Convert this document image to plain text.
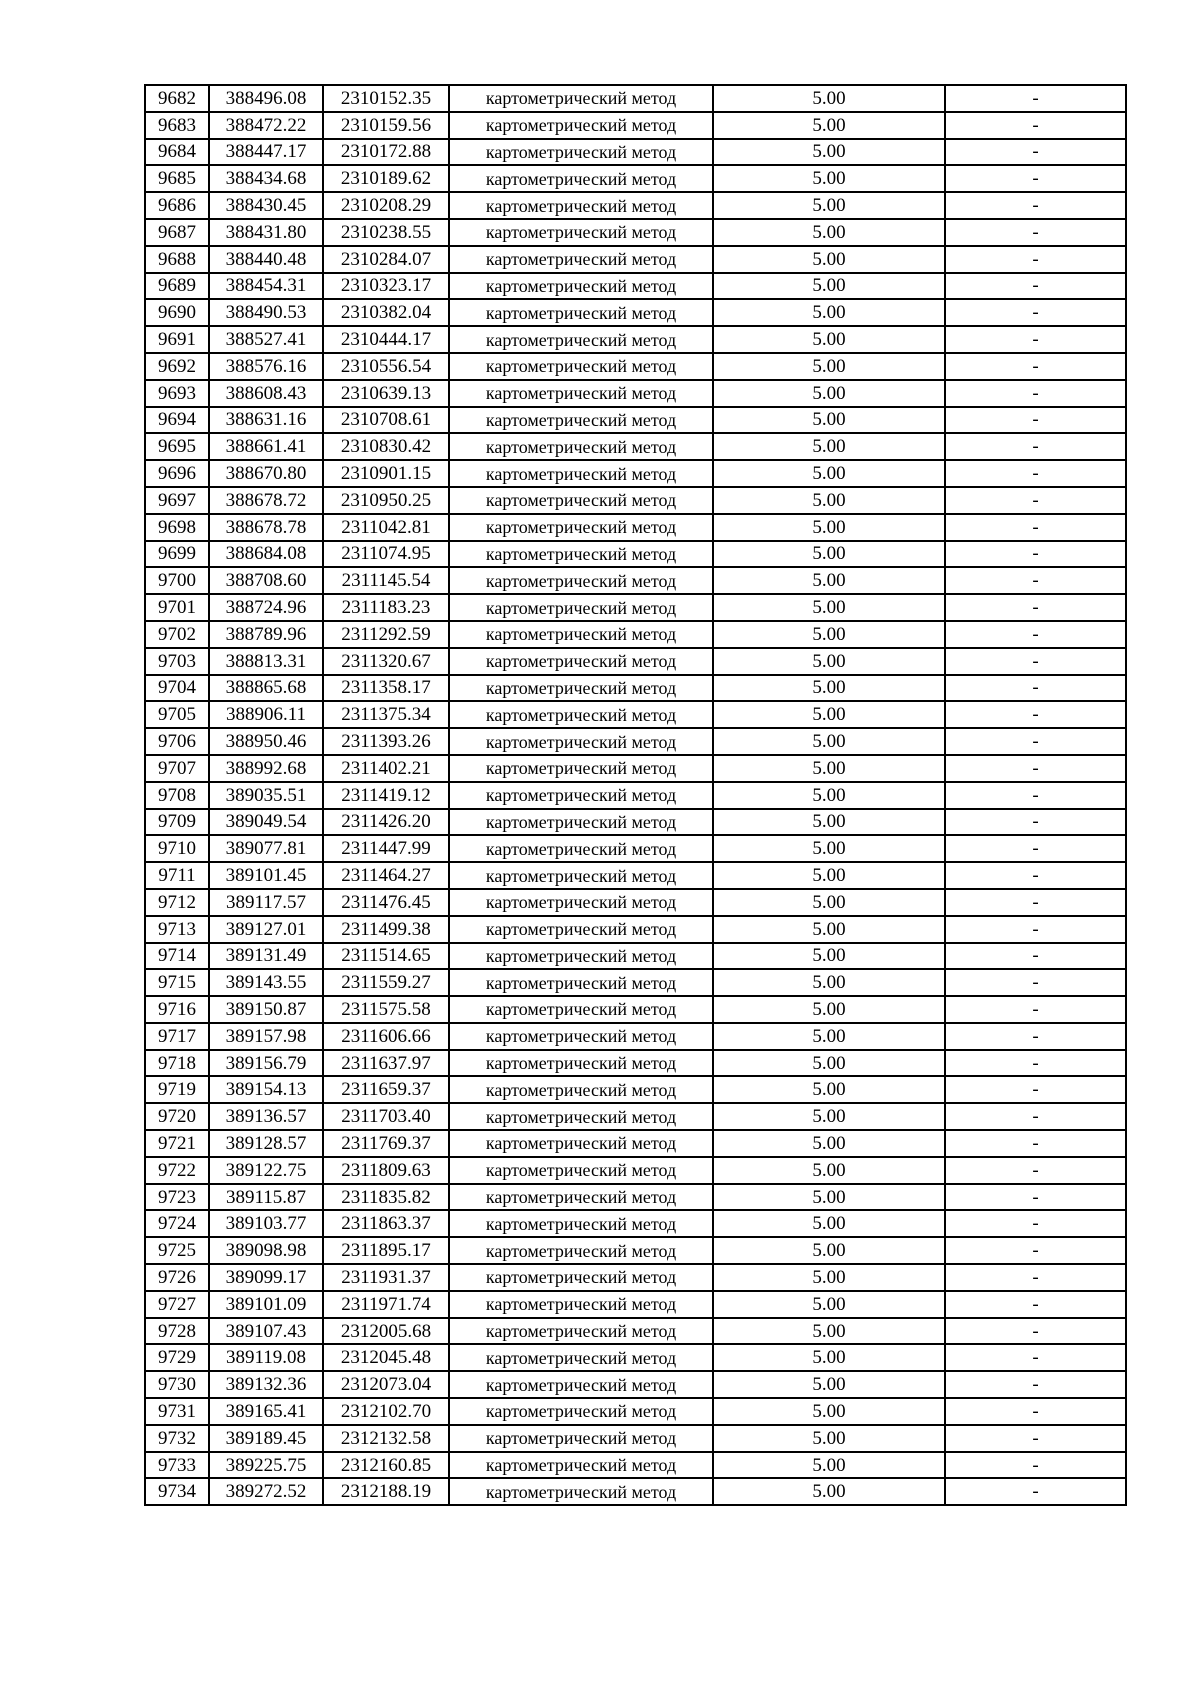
9682	388496.08	2310152.35	картометрический метод	5.00	-
9683	388472.22	2310159.56	картометрический метод	5.00	-
9684	388447.17	2310172.88	картометрический метод	5.00	-
9685	388434.68	2310189.62	картометрический метод	5.00	-
9686	388430.45	2310208.29	картометрический метод	5.00	-
9687	388431.80	2310238.55	картометрический метод	5.00	-
9688	388440.48	2310284.07	картометрический метод	5.00	-
9689	388454.31	2310323.17	картометрический метод	5.00	-
9690	388490.53	2310382.04	картометрический метод	5.00	-
9691	388527.41	2310444.17	картометрический метод	5.00	-
9692	388576.16	2310556.54	картометрический метод	5.00	-
9693	388608.43	2310639.13	картометрический метод	5.00	-
9694	388631.16	2310708.61	картометрический метод	5.00	-
9695	388661.41	2310830.42	картометрический метод	5.00	-
9696	388670.80	2310901.15	картометрический метод	5.00	-
9697	388678.72	2310950.25	картометрический метод	5.00	-
9698	388678.78	2311042.81	картометрический метод	5.00	-
9699	388684.08	2311074.95	картометрический метод	5.00	-
9700	388708.60	2311145.54	картометрический метод	5.00	-
9701	388724.96	2311183.23	картометрический метод	5.00	-
9702	388789.96	2311292.59	картометрический метод	5.00	-
9703	388813.31	2311320.67	картометрический метод	5.00	-
9704	388865.68	2311358.17	картометрический метод	5.00	-
9705	388906.11	2311375.34	картометрический метод	5.00	-
9706	388950.46	2311393.26	картометрический метод	5.00	-
9707	388992.68	2311402.21	картометрический метод	5.00	-
9708	389035.51	2311419.12	картометрический метод	5.00	-
9709	389049.54	2311426.20	картометрический метод	5.00	-
9710	389077.81	2311447.99	картометрический метод	5.00	-
9711	389101.45	2311464.27	картометрический метод	5.00	-
9712	389117.57	2311476.45	картометрический метод	5.00	-
9713	389127.01	2311499.38	картометрический метод	5.00	-
9714	389131.49	2311514.65	картометрический метод	5.00	-
9715	389143.55	2311559.27	картометрический метод	5.00	-
9716	389150.87	2311575.58	картометрический метод	5.00	-
9717	389157.98	2311606.66	картометрический метод	5.00	-
9718	389156.79	2311637.97	картометрический метод	5.00	-
9719	389154.13	2311659.37	картометрический метод	5.00	-
9720	389136.57	2311703.40	картометрический метод	5.00	-
9721	389128.57	2311769.37	картометрический метод	5.00	-
9722	389122.75	2311809.63	картометрический метод	5.00	-
9723	389115.87	2311835.82	картометрический метод	5.00	-
9724	389103.77	2311863.37	картометрический метод	5.00	-
9725	389098.98	2311895.17	картометрический метод	5.00	-
9726	389099.17	2311931.37	картометрический метод	5.00	-
9727	389101.09	2311971.74	картометрический метод	5.00	-
9728	389107.43	2312005.68	картометрический метод	5.00	-
9729	389119.08	2312045.48	картометрический метод	5.00	-
9730	389132.36	2312073.04	картометрический метод	5.00	-
9731	389165.41	2312102.70	картометрический метод	5.00	-
9732	389189.45	2312132.58	картометрический метод	5.00	-
9733	389225.75	2312160.85	картометрический метод	5.00	-
9734	389272.52	2312188.19	картометрический метод	5.00	-
